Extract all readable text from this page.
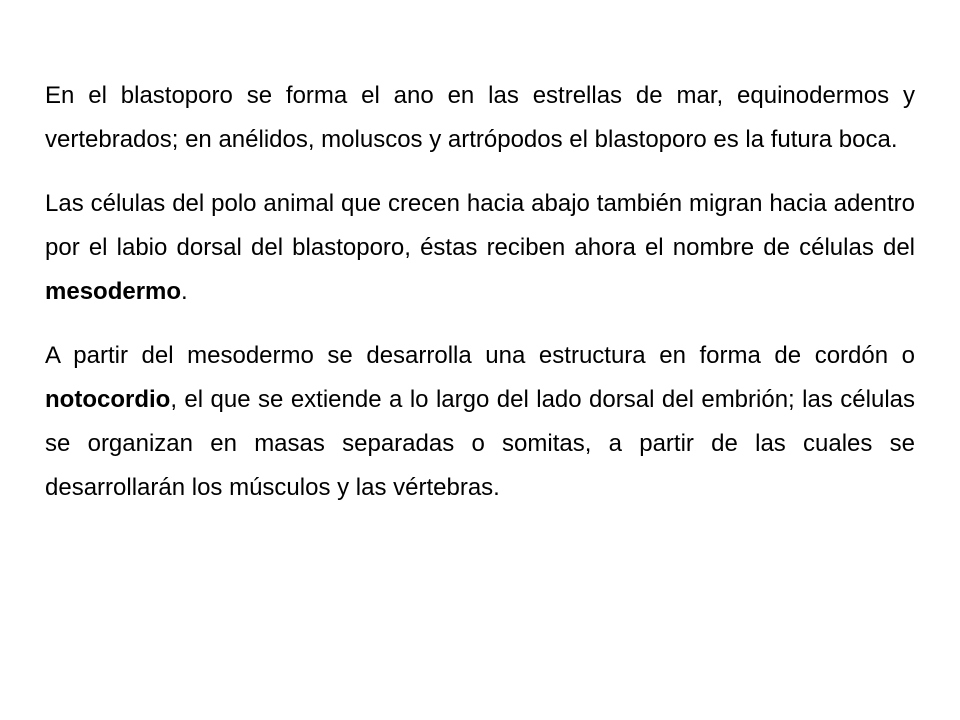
En el blastoporo se forma el ano en las estrellas de mar, equinodermos y vertebrados; en anélidos, moluscos y artrópodos el blastoporo es la futura boca.

Las células del polo animal que crecen hacia abajo también migran hacia adentro por el labio dorsal del blastoporo, éstas reciben ahora el nombre de células del mesodermo.

A partir del mesodermo se desarrolla una estructura en forma de cordón o notocordio, el que se extiende a lo largo del lado dorsal del embrión; las células se organizan en masas separadas o somitas, a partir de las cuales se desarrollarán los músculos y las vértebras.
